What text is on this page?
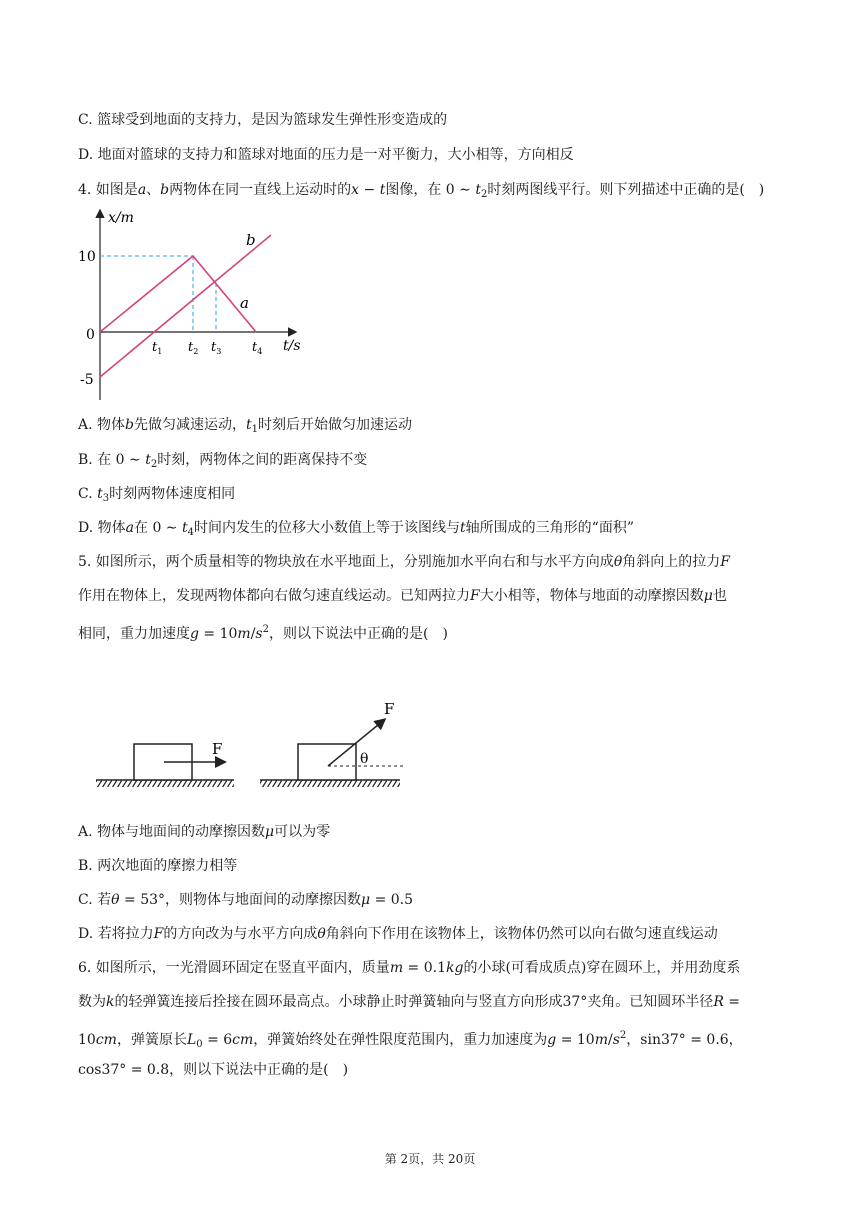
C. 篮球受到地面的支持力，是因为篮球发生弹性形变造成的
D. 地面对篮球的支持力和篮球对地面的压力是一对平衡力，大小相等，方向相反
4. 如图是a、b两物体在同一直线上运动时的x − t图像，在 0 ∼ $t_2$时刻两图线平行。则下列描述中正确的是(　)
x/m
t/s
10
0
-5
a
b
$t_1$ $t_2$ $t_3$ $t_4$
A. 物体b先做匀减速运动，$t_1$时刻后开始做匀加速运动
B. 在 0 ∼ $t_2$时刻，两物体之间的距离保持不变
C. $t_3$时刻两物体速度相同
D. 物体a在 0 ∼ $t_4$时间内发生的位移大小数值上等于该图线与t轴所围成的三角形的“面积”
5. 如图所示，两个质量相等的物块放在水平地面上，分别施加水平向右和与水平方向成θ角斜向上的拉力F
作用在物体上，发现两物体都向右做匀速直线运动。已知两拉力F大小相等，物体与地面的动摩擦因数μ也
相同，重力加速度$g = 10m/s^2$，则以下说法中正确的是(　)
F
F
θ
A. 物体与地面间的动摩擦因数μ可以为零
B. 两次地面的摩擦力相等
C. 若θ = 53°，则物体与地面间的动摩擦因数μ = 0.5
D. 若将拉力F的方向改为与水平方向成θ角斜向下作用在该物体上，该物体仍然可以向右做匀速直线运动
6. 如图所示，一光滑圆环固定在竖直平面内，质量m = 0.1kg的小球(可看成质点)穿在圆环上，并用劲度系
数为k的轻弹簧连接后拴接在圆环最高点。小球静止时弹簧轴向与竖直方向形成37°夹角。已知圆环半径R =
10cm，弹簧原长$L_0 = 6cm$，弹簧始终处在弹性限度范围内，重力加速度为$g = 10m/s^2$，sin37° = 0.6，
cos37° = 0.8，则以下说法中正确的是(　)
第 2页，共 20页
